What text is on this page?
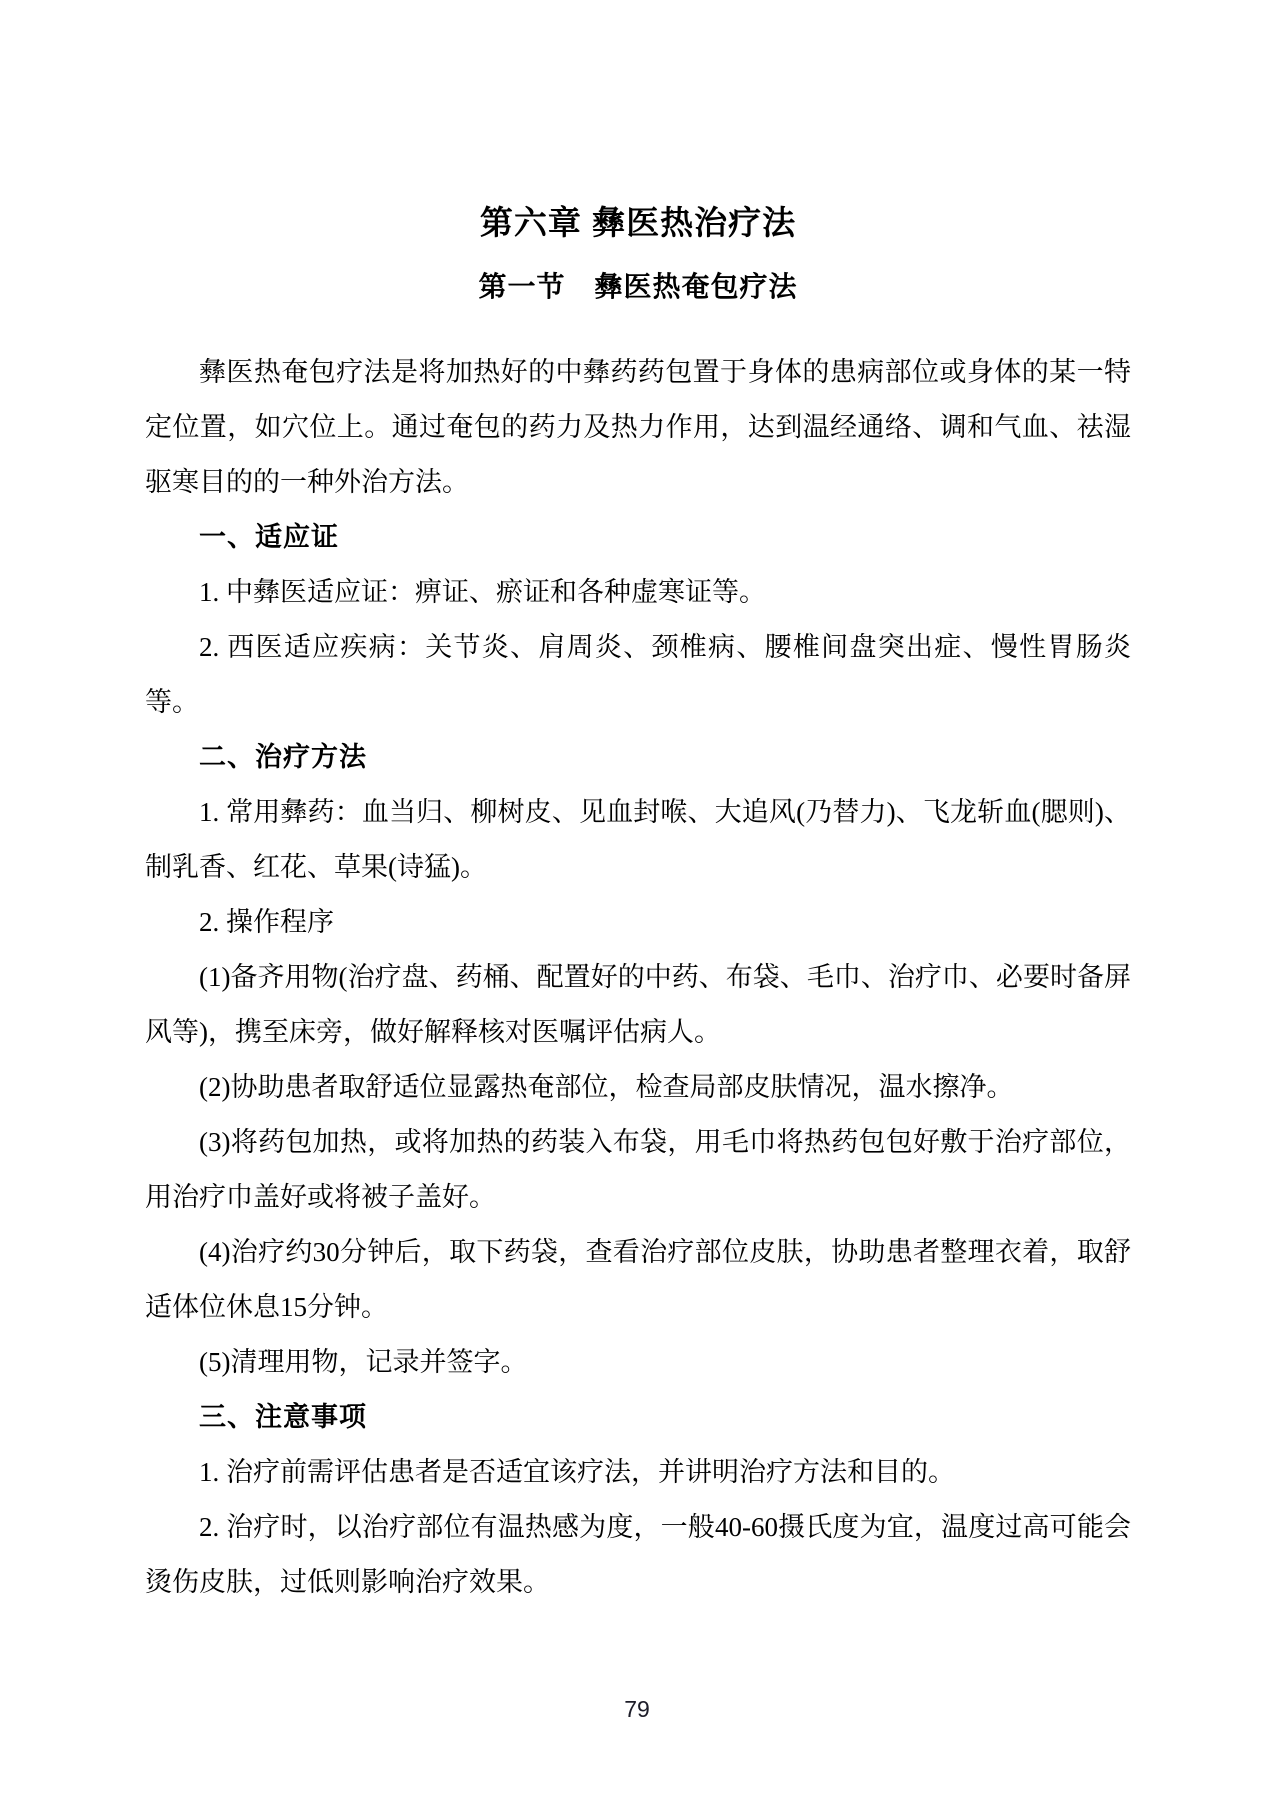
第六章 彝医热治疗法
第一节　彝医热奄包疗法

彝医热奄包疗法是将加热好的中彝药药包置于身体的患病部位或身体的某一特定位置，如穴位上。通过奄包的药力及热力作用，达到温经通络、调和气血、祛湿驱寒目的的一种外治方法。

一、适应证

1. 中彝医适应证：痹证、瘀证和各种虚寒证等。

2. 西医适应疾病：关节炎、肩周炎、颈椎病、腰椎间盘突出症、慢性胃肠炎等。

二、治疗方法

1. 常用彝药：血当归、柳树皮、见血封喉、大追风(乃替力)、飞龙斩血(腮则)、制乳香、红花、草果(诗猛)。

2. 操作程序

(1)备齐用物(治疗盘、药桶、配置好的中药、布袋、毛巾、治疗巾、必要时备屏风等)，携至床旁，做好解释核对医嘱评估病人。

(2)协助患者取舒适位显露热奄部位，检查局部皮肤情况，温水擦净。

(3)将药包加热，或将加热的药装入布袋，用毛巾将热药包包好敷于治疗部位，用治疗巾盖好或将被子盖好。

(4)治疗约30分钟后，取下药袋，查看治疗部位皮肤，协助患者整理衣着，取舒适体位休息15分钟。

(5)清理用物，记录并签字。

三、注意事项

1. 治疗前需评估患者是否适宜该疗法，并讲明治疗方法和目的。

2. 治疗时，以治疗部位有温热感为度，一般40-60摄氏度为宜，温度过高可能会烫伤皮肤，过低则影响治疗效果。

79
